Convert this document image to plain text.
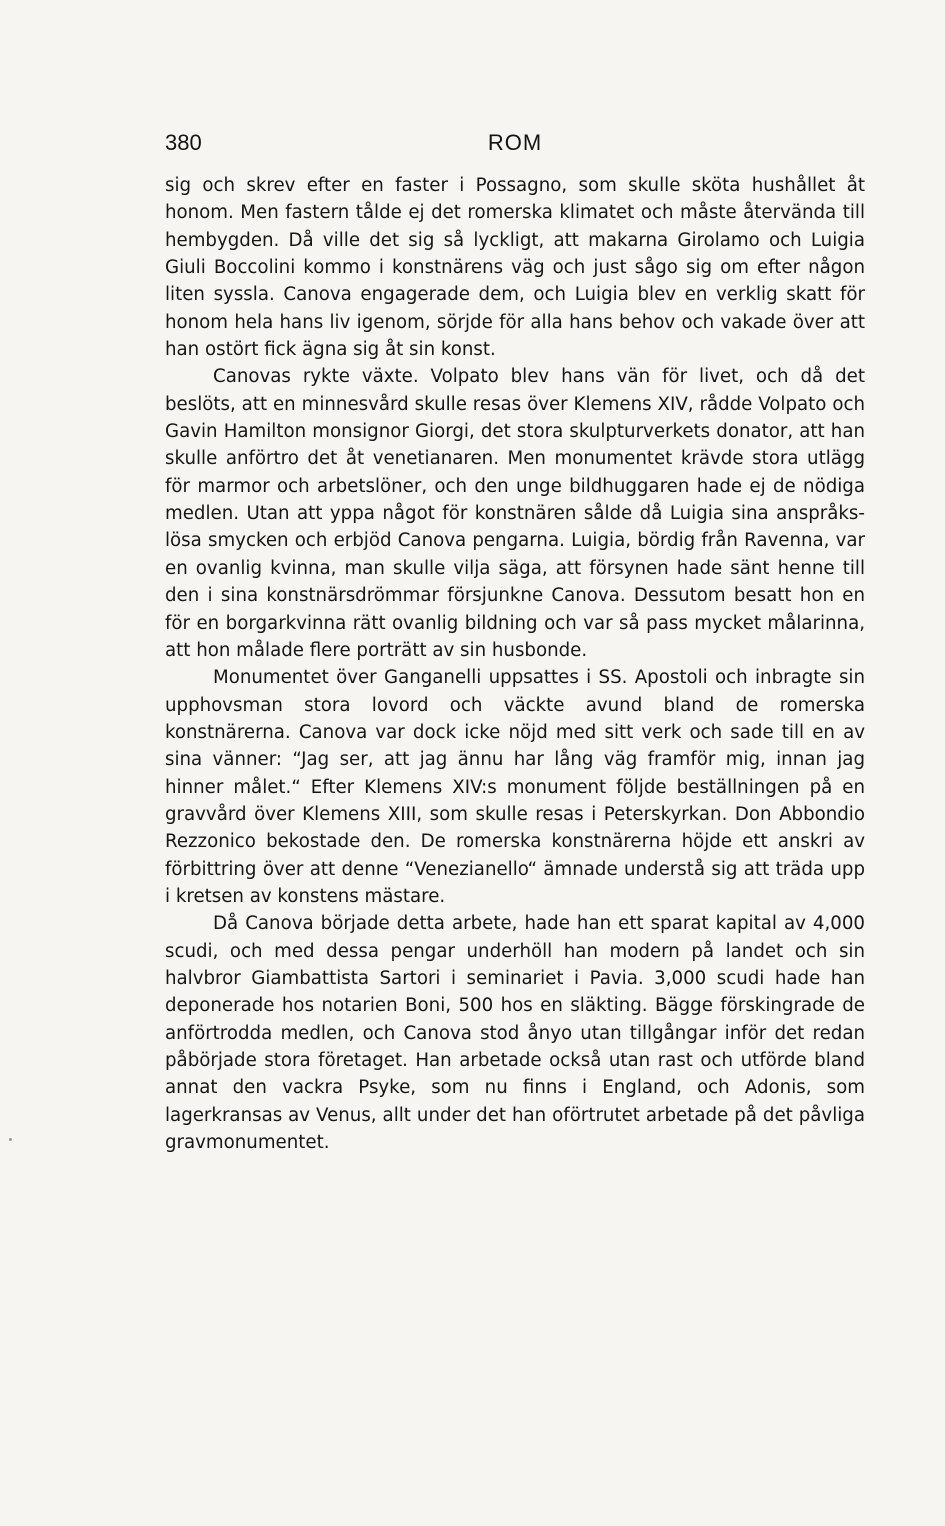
380	ROM

sig och skrev efter en faster i Possagno, som skulle sköta hushållet åt honom. Men fastern tålde ej det romerska klimatet och måste återvända till hembygden. Då ville det sig så lyckligt, att makarna Girolamo och Luigia Giuli Boccolini kommo i konstnärens väg och just sågo sig om efter någon liten syssla. Canova engagerade dem, och Luigia blev en verklig skatt för honom hela hans liv igenom, sörjde för alla hans behov och vakade över att han ostört fick ägna sig åt sin konst.

Canovas rykte växte. Volpato blev hans vän för livet, och då det beslöts, att en minnesvård skulle resas över Klemens XIV, rådde Volpato och Gavin Hamilton monsignor Giorgi, det stora skulpturverkets donator, att han skulle anförtro det åt venetianaren. Men monumentet krävde stora utlägg för marmor och arbetslöner, och den unge bildhuggaren hade ej de nödiga medlen. Utan att yppa något för konstnären sålde då Luigia sina anspråkslösa smycken och erbjöd Canova pengarna. Luigia, bördig från Ravenna, var en ovanlig kvinna, man skulle vilja säga, att försynen hade sänt henne till den i sina konstnärsdrömmar försjunkne Canova. Dessutom besatt hon en för en borgarkvinna rätt ovanlig bildning och var så pass mycket målarinna, att hon målade flere porträtt av sin husbonde.

Monumentet över Ganganelli uppsattes i SS. Apostoli och inbragte sin upphovsman stora lovord och väckte avund bland de romerska konstnärerna. Canova var dock icke nöjd med sitt verk och sade till en av sina vänner: “Jag ser, att jag ännu har lång väg framför mig, innan jag hinner målet.“ Efter Klemens XIV:s monument följde beställningen på en gravvård över Klemens XIII, som skulle resas i Peterskyrkan. Don Abbondio Rezzonico bekostade den. De romerska konstnärerna höjde ett anskri av förbittring över att denne “Venezianello“ ämnade understå sig att träda upp i kretsen av konstens mästare.

Då Canova började detta arbete, hade han ett sparat kapital av 4,000 scudi, och med dessa pengar underhöll han modern på landet och sin halvbror Giambattista Sartori i seminariet i Pavia. 3,000 scudi hade han deponerade hos notarien Boni, 500 hos en släkting. Bägge förskingrade de anförtrodda medlen, och Canova stod ånyo utan tillgångar inför det redan påbörjade stora företaget. Han arbetade också utan rast och utförde bland annat den vackra Psyke, som nu finns i England, och Adonis, som lagerkransas av Venus, allt under det han oförtrutet arbetade på det påvliga gravmonumentet.
